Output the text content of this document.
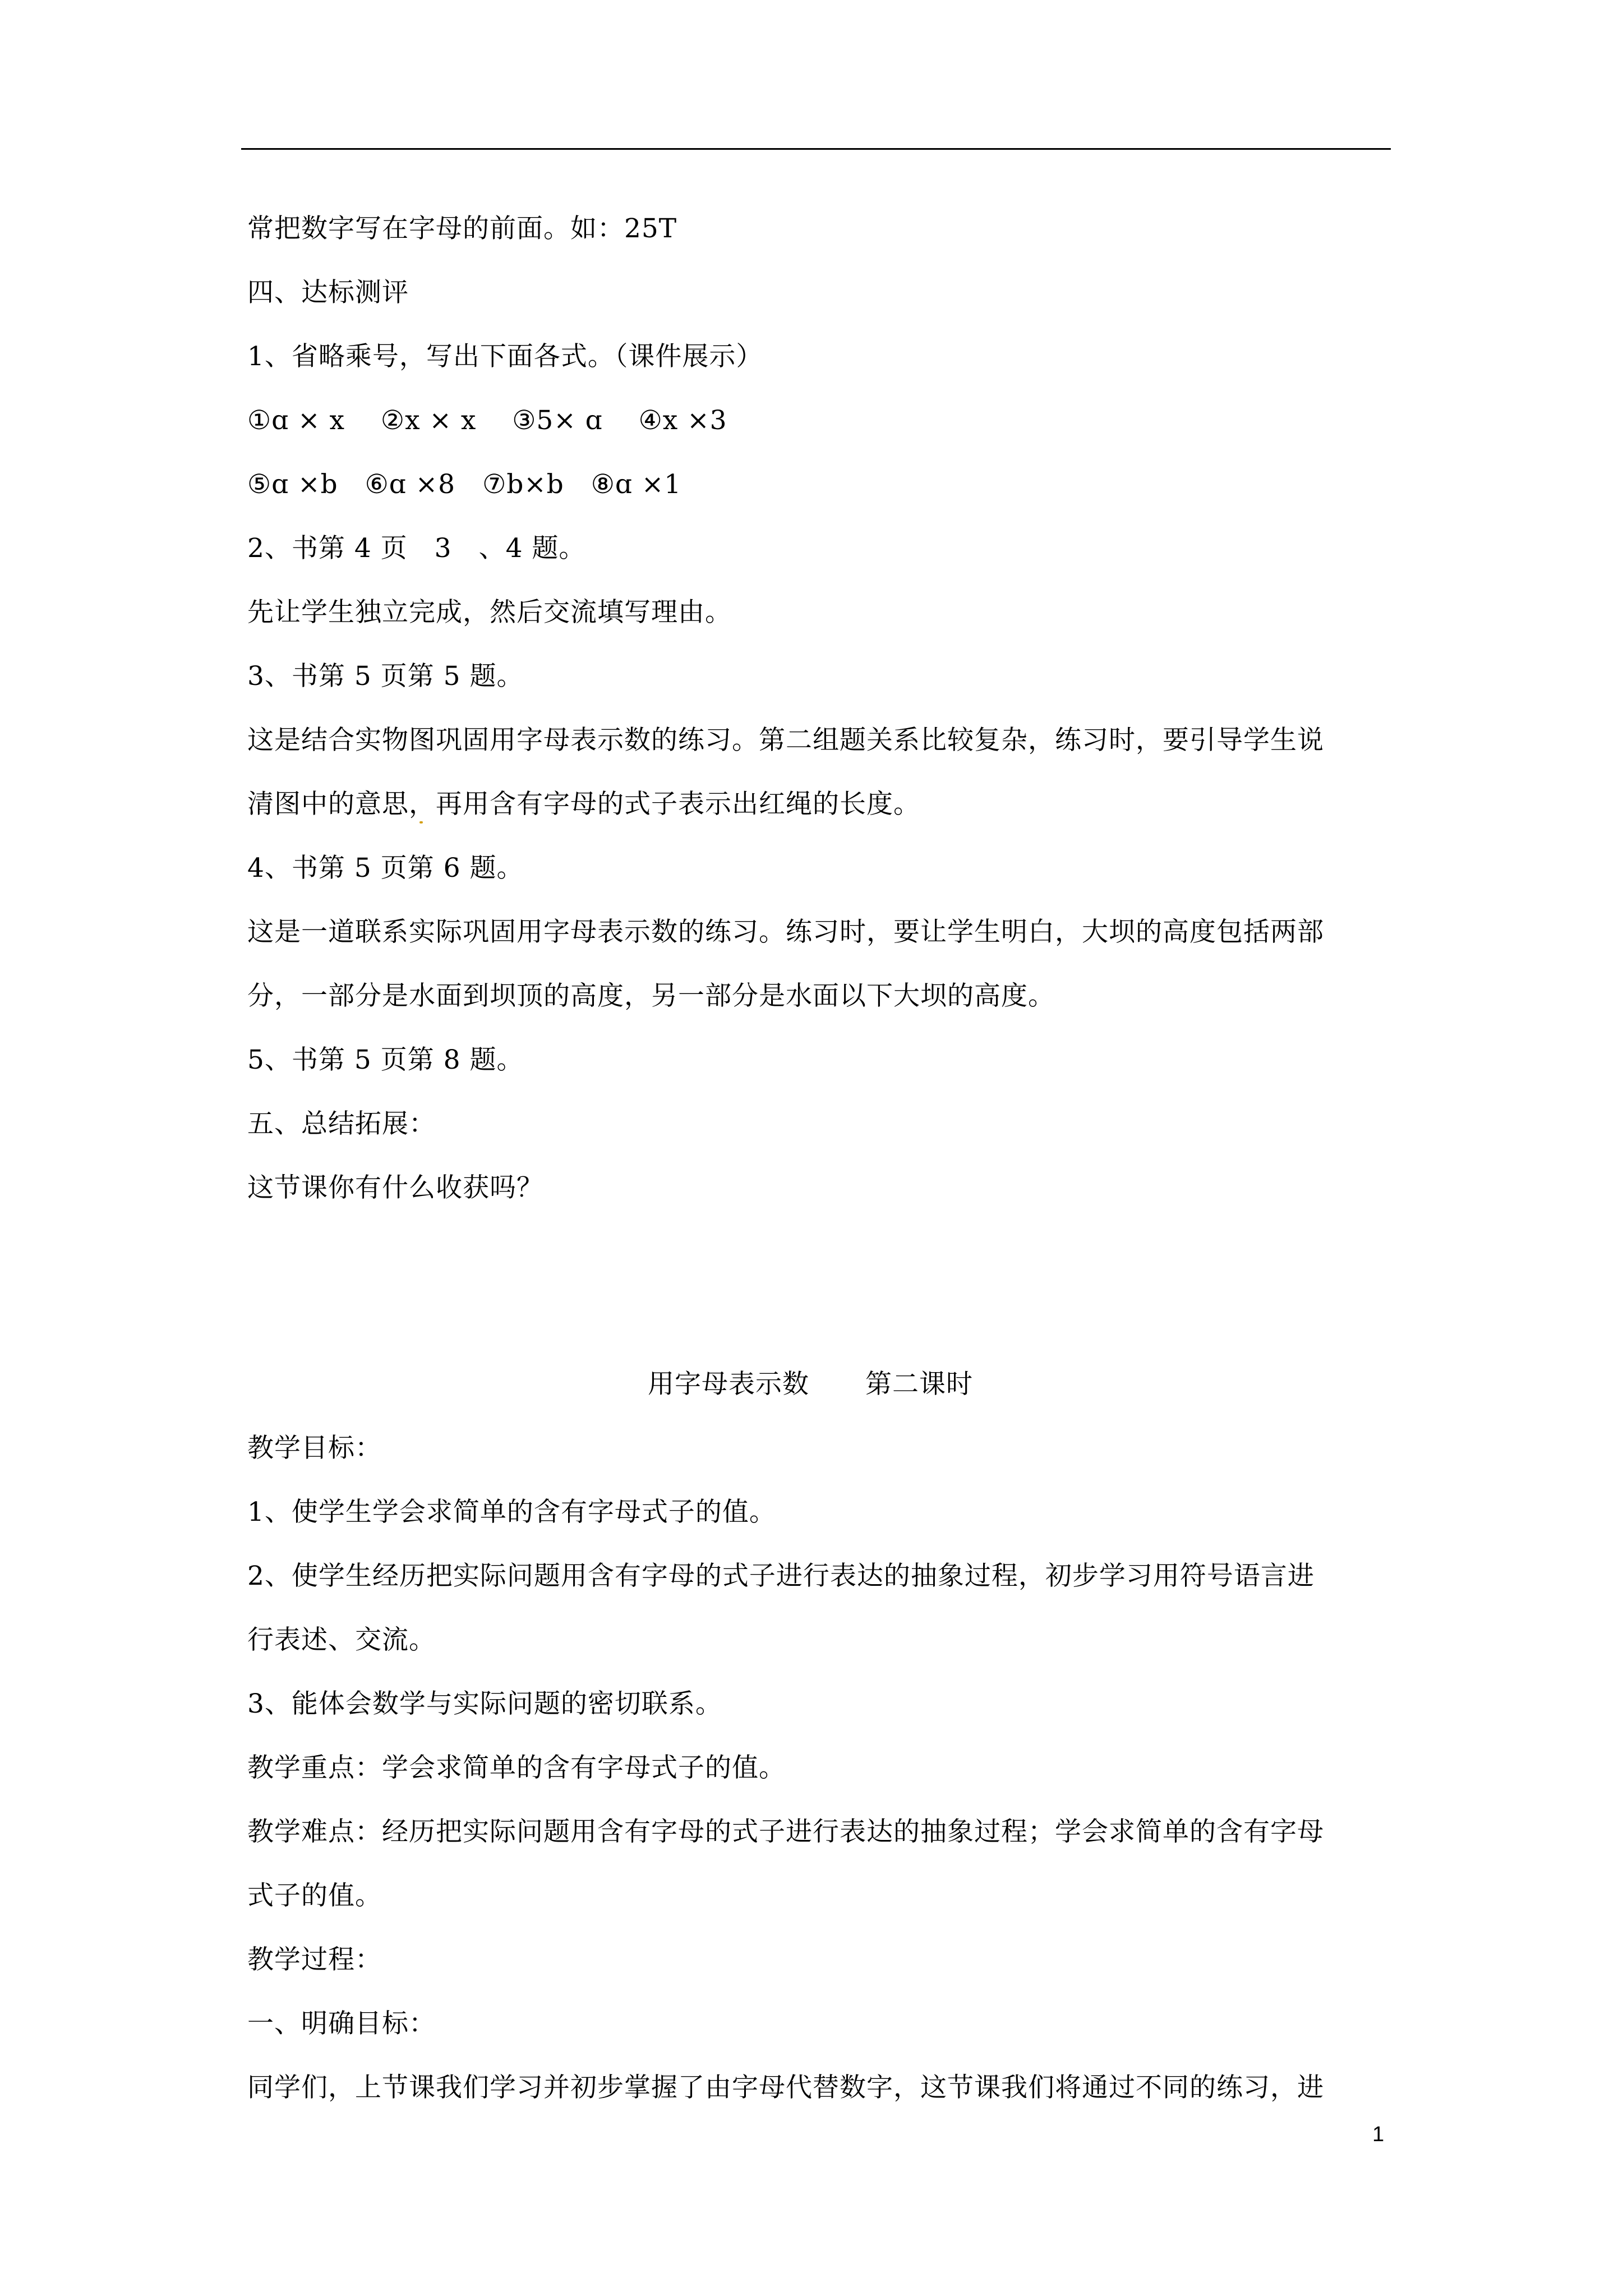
常把数字写在字母的前面。如：25T
四、达标测评
1、省略乘号，写出下面各式。（课件展示）
①ɑ × x　 ②x × x　 ③5× ɑ　 ④x ×3
⑤ɑ ×b　⑥ɑ ×8　⑦b×b　⑧ɑ ×1
2、书第 4 页　3　、4 题。
先让学生独立完成，然后交流填写理由。
3、书第 5 页第 5 题。
这是结合实物图巩固用字母表示数的练习。第二组题关系比较复杂，练习时，要引导学生说
清图中的意思，再用含有字母的式子表示出红绳的长度。
4、书第 5 页第 6 题。
这是一道联系实际巩固用字母表示数的练习。练习时，要让学生明白，大坝的高度包括两部
分，一部分是水面到坝顶的高度，另一部分是水面以下大坝的高度。
5、书第 5 页第 8 题。
五、总结拓展：
这节课你有什么收获吗？
用字母表示数 第二课时
教学目标：
1、使学生学会求简单的含有字母式子的值。
2、使学生经历把实际问题用含有字母的式子进行表达的抽象过程，初步学习用符号语言进
行表述、交流。
3、能体会数学与实际问题的密切联系。
教学重点：学会求简单的含有字母式子的值。
教学难点：经历把实际问题用含有字母的式子进行表达的抽象过程；学会求简单的含有字母
式子的值。
教学过程：
一、明确目标：
同学们，上节课我们学习并初步掌握了由字母代替数字，这节课我们将通过不同的练习，进
1
